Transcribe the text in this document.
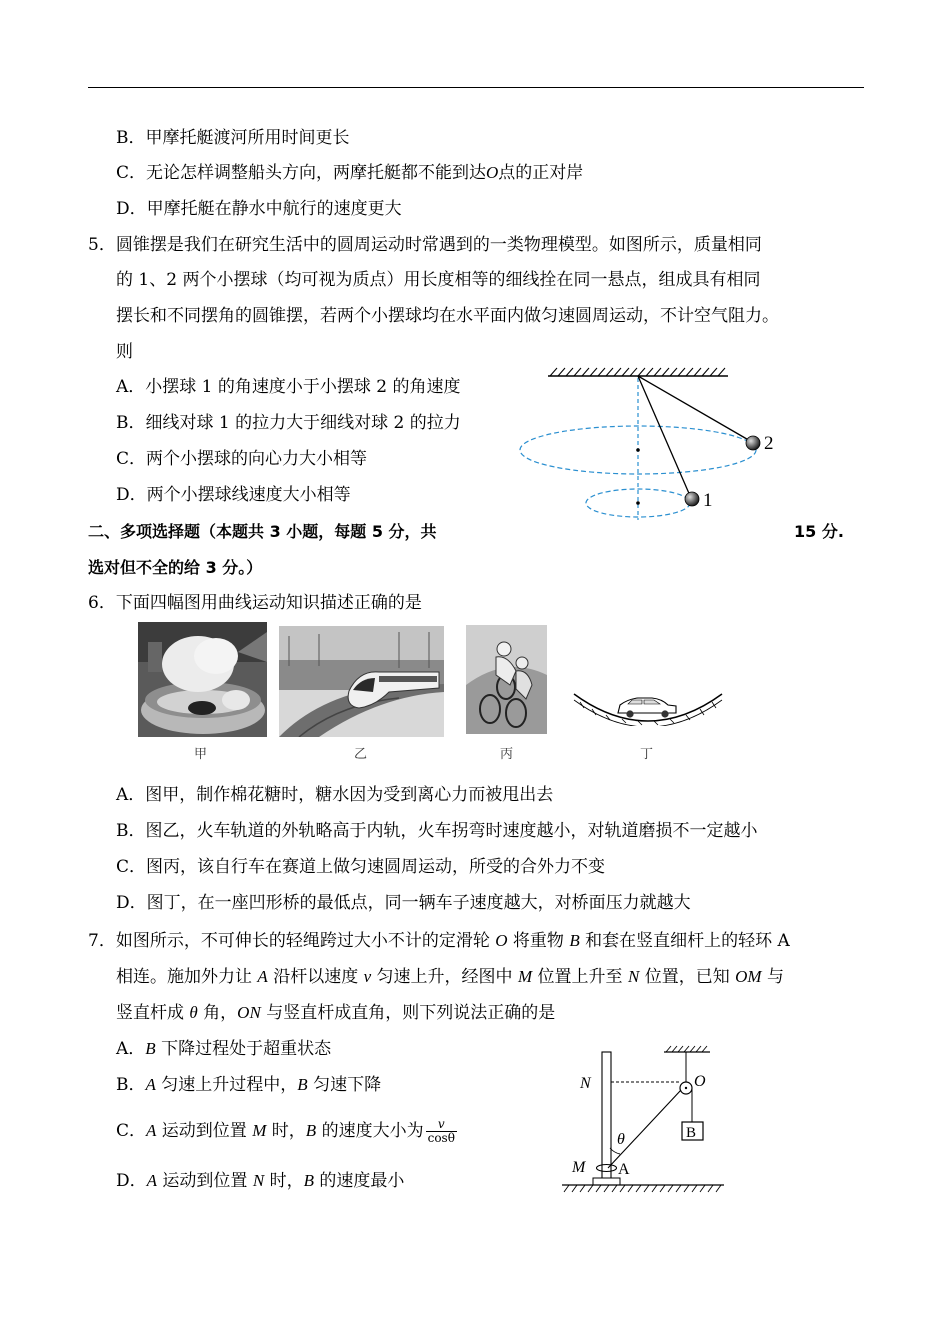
B．甲摩托艇渡河所用时间更长
C．无论怎样调整船头方向，两摩托艇都不能到达O点的正对岸
D．甲摩托艇在静水中航行的速度更大
5．圆锥摆是我们在研究生活中的圆周运动时常遇到的一类物理模型。如图所示，质量相同
的 1、2 两个小摆球（均可视为质点）用长度相等的细线拴在同一悬点，组成具有相同
摆长和不同摆角的圆锥摆，若两个小摆球均在水平面内做匀速圆周运动，不计空气阻力。
则
A．小摆球 1 的角速度小于小摆球 2 的角速度
B．细线对球 1 的拉力大于细线对球 2 的拉力
C．两个小摆球的向心力大小相等
D．两个小摆球线速度大小相等
2
1
二、多项选择题（本题共 3 小题，每题 5 分，共	15 分.
选对但不全的给 3 分。）
6．下面四幅图用曲线运动知识描述正确的是
甲	乙	丙	丁
A．图甲，制作棉花糖时，糖水因为受到离心力而被甩出去
B．图乙，火车轨道的外轨略高于内轨，火车拐弯时速度越小，对轨道磨损不一定越小
C．图丙，该自行车在赛道上做匀速圆周运动，所受的合外力不变
D．图丁，在一座凹形桥的最低点，同一辆车子速度越大，对桥面压力就越大
7．如图所示，不可伸长的轻绳跨过大小不计的定滑轮 O 将重物 B 和套在竖直细杆上的轻环 A
相连。施加外力让 A 沿杆以速度 v 匀速上升，经图中 M 位置上升至 N 位置，已知 OM 与
竖直杆成 θ 角，ON 与竖直杆成直角，则下列说法正确的是
A．B 下降过程处于超重状态
B．A 匀速上升过程中，B 匀速下降
C．A 运动到位置 M 时，B 的速度大小为 $\frac{v}{\cos\theta}$
D．A 运动到位置 N 时，B 的速度最小
N	O
θ
M A
B
